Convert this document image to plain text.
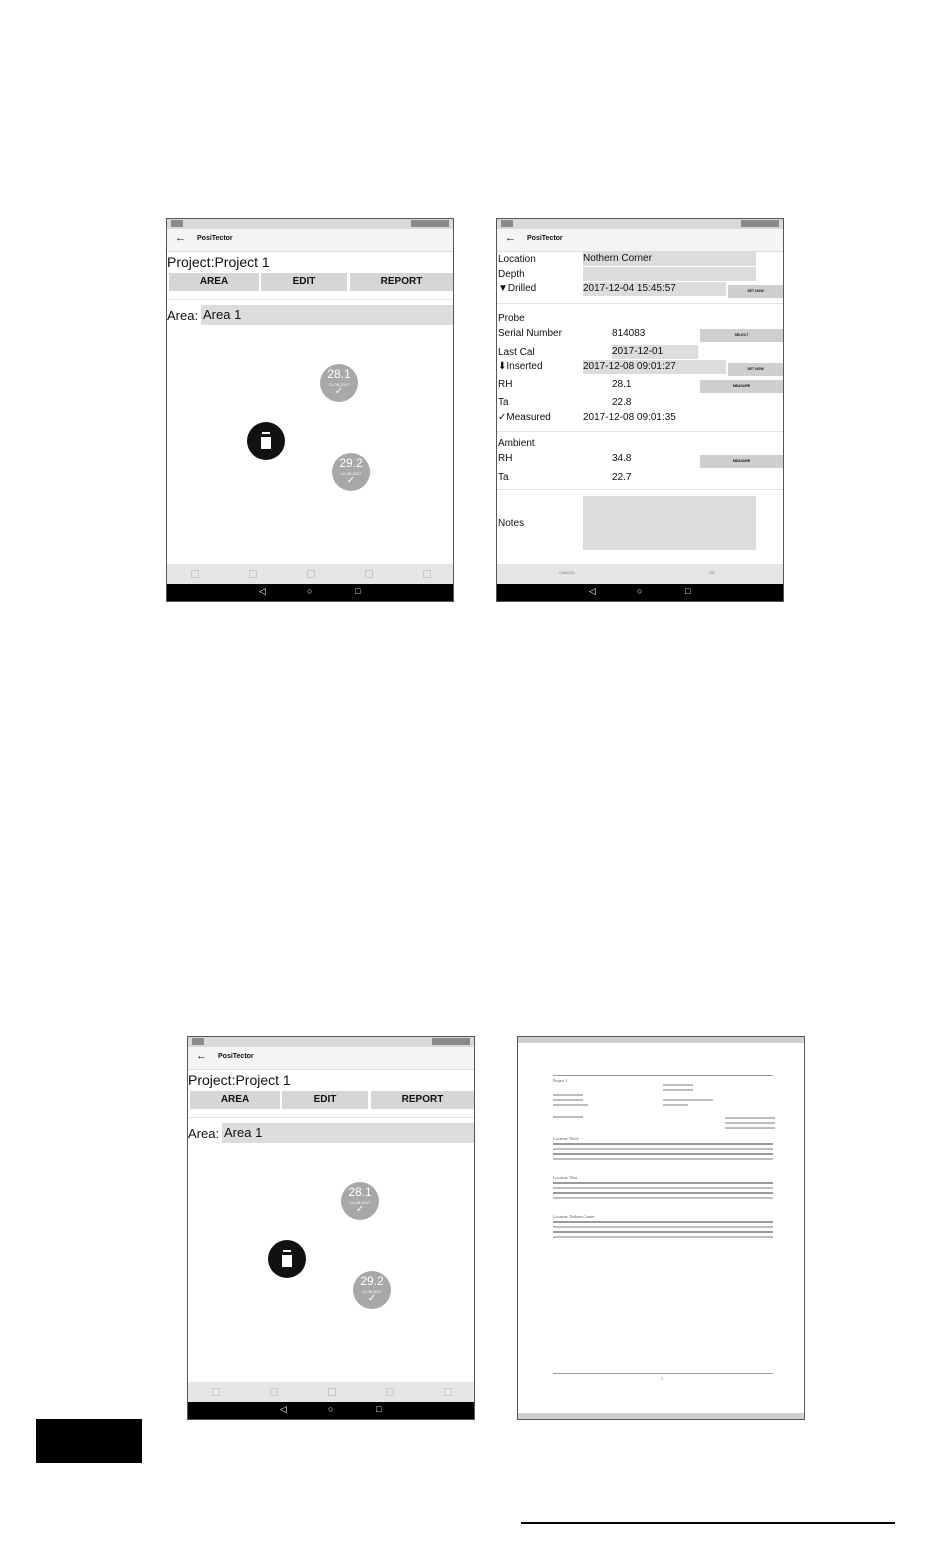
← PosiTector
Project:Project 1
AREA	EDIT	REPORT
Area: Area 1
28.1
12-08-2017
✓
29.2
12-08-2017
✓
◁	○	□
← PosiTector
Location	Nothern Corner
Depth
▼Drilled	2017-12-04 15:45:57	SET NOW
Probe
Serial Number	814083	SELECT
Last Cal	2017-12-01
⬇Inserted	2017-12-08 09:01:27	SET NOW
RH	28.1	MEASURE
Ta	22.8
✓Measured	2017-12-08 09:01:35
Ambient
RH	34.8	MEASURE
Ta	22.7
Notes
CANCEL	OK
◁	○	□
← PosiTector
Project:Project 1
AREA	EDIT	REPORT
Area: Area 1
28.1
12-08-2017
✓
29.2
12-08-2017
✓
◁	○	□
Project 1
Location: North
Location: West
Location: Nothern Corner
1
